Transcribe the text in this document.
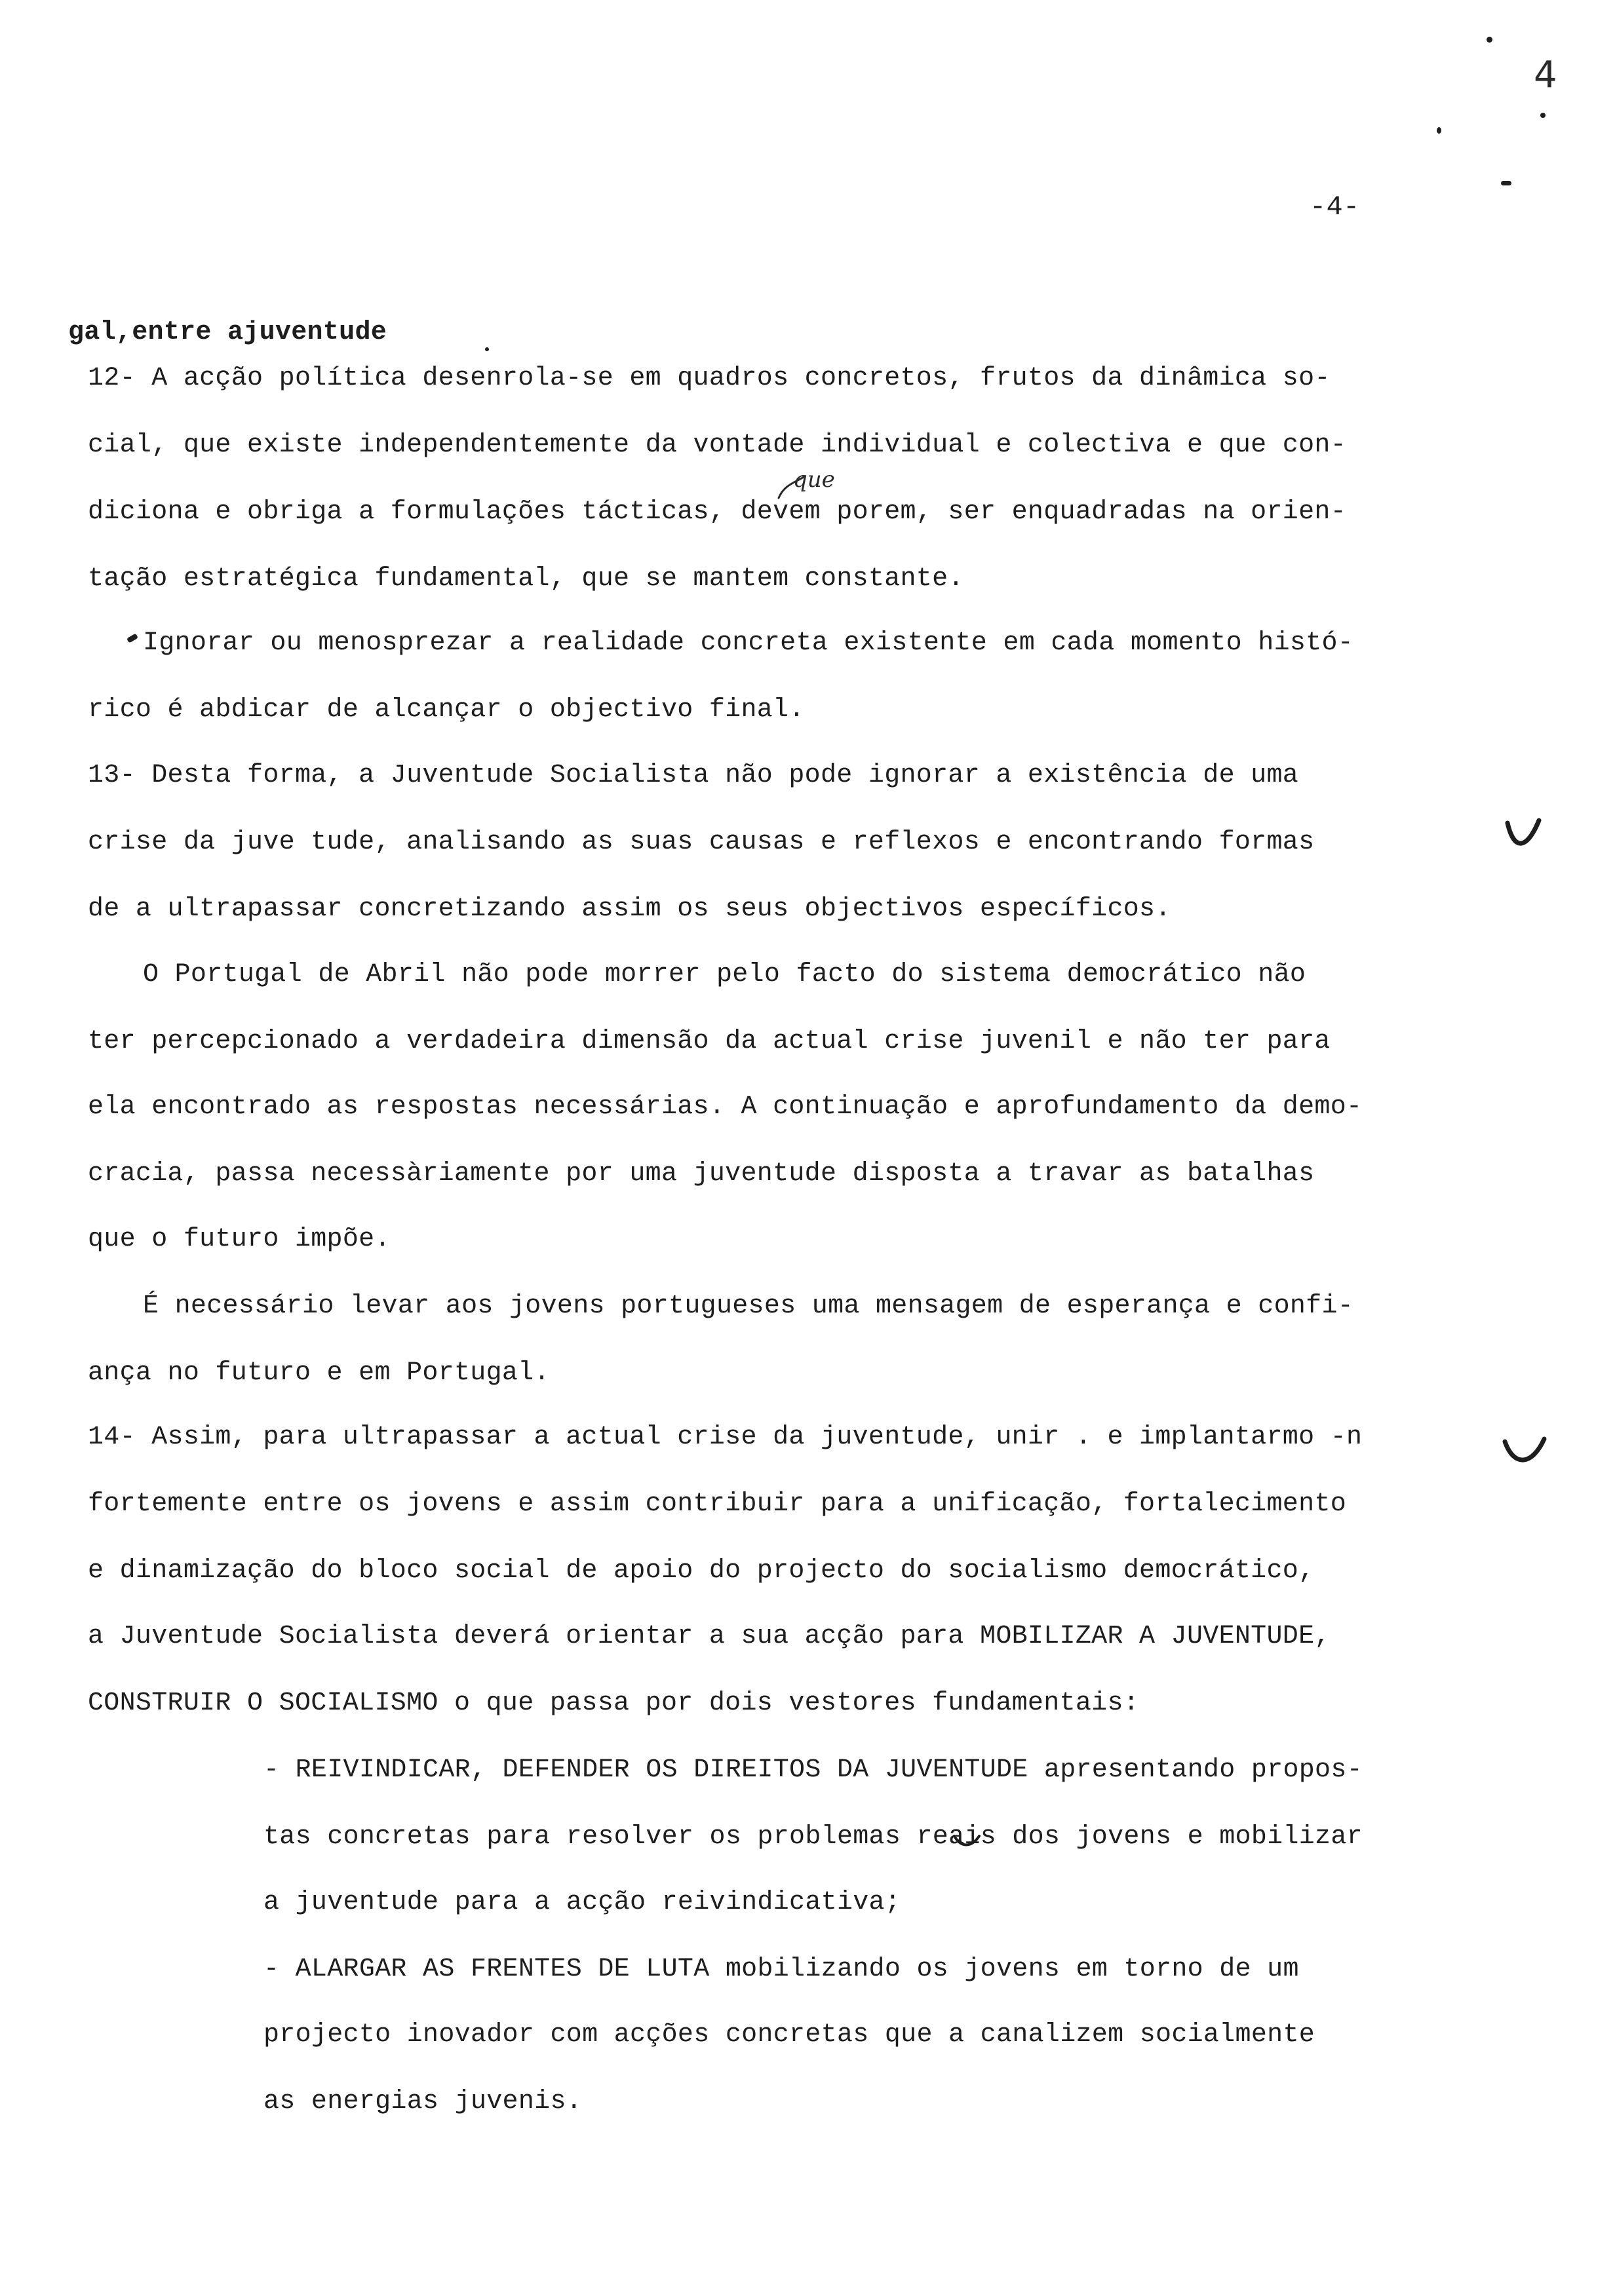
4
-4-
gal,entre ajuventude
12- A acção política desenrola-se em quadros concretos, frutos da dinâmica so-
cial, que existe independentemente da vontade individual e colectiva e que con-
que
diciona e obriga a formulações tácticas, devem porem, ser enquadradas na orien-
tação estratégica fundamental, que se mantem constante.
Ignorar ou menosprezar a realidade concreta existente em cada momento histó-
rico é abdicar de alcançar o objectivo final.
13- Desta forma, a Juventude Socialista não pode ignorar a existência de uma
crise da juve tude, analisando as suas causas e reflexos e encontrando formas
de a ultrapassar concretizando assim os seus objectivos específicos.
O Portugal de Abril não pode morrer pelo facto do sistema democrático não
ter percepcionado a verdadeira dimensão da actual crise juvenil e não ter para
ela encontrado as respostas necessárias. A continuação e aprofundamento da demo-
cracia, passa necessàriamente por uma juventude disposta a travar as batalhas
que o futuro impõe.
É necessário levar aos jovens portugueses uma mensagem de esperança e confi-
ança no futuro e em Portugal.
14- Assim, para ultrapassar a actual crise da juventude, unir . e implantarmo -n
fortemente entre os jovens e assim contribuir para a unificação, fortalecimento
e dinamização do bloco social de apoio do projecto do socialismo democrático,
a Juventude Socialista deverá orientar a sua acção para MOBILIZAR A JUVENTUDE,
CONSTRUIR O SOCIALISMO o que passa por dois vestores fundamentais:
- REIVINDICAR, DEFENDER OS DIREITOS DA JUVENTUDE apresentando propos-
tas concretas para resolver os problemas reais dos jovens e mobilizar
a juventude para a acção reivindicativa;
- ALARGAR AS FRENTES DE LUTA mobilizando os jovens em torno de um
projecto inovador com acções concretas que a canalizem socialmente
as energias juvenis.
